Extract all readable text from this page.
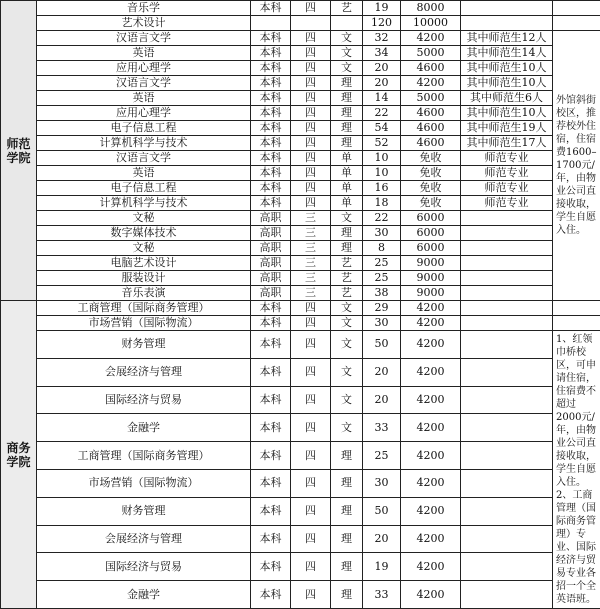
师范学院	音乐学	本科	四	艺	19	8000		
	艺术设计				120	10000		
	汉语言文学	本科	四	文	32	4200	其中师范生12人	外馆斜街校区，推荐校外住宿，住宿费1600–1700元/年，由物业公司直接收取，学生自愿入住。
	英语	本科	四	文	34	5000	其中师范生14人	
	应用心理学	本科	四	文	20	4600	其中师范生10人	
	汉语言文学	本科	四	理	20	4200	其中师范生10人	
	英语	本科	四	理	14	5000	其中师范生6人	
	应用心理学	本科	四	理	22	4600	其中师范生10人	
	电子信息工程	本科	四	理	54	4600	其中师范生19人	
	计算机科学与技术	本科	四	理	52	4600	其中师范生17人	
	汉语言文学	本科	四	单	10	免收	师范专业	
	英语	本科	四	单	10	免收	师范专业	
	电子信息工程	本科	四	单	16	免收	师范专业	
	计算机科学与技术	本科	四	单	18	免收	师范专业	
	文秘	高职	三	文	22	6000		
	数字媒体技术	高职	三	理	30	6000		
	文秘	高职	三	理	8	6000		
	电脑艺术设计	高职	三	艺	25	9000		
	服装设计	高职	三	艺	25	9000		
	音乐表演	高职	三	艺	38	9000		
商务学院	工商管理（国际商务管理）	本科	四	文	29	4200		
	市场营销（国际物流）	本科	四	文	30	4200		
	财务管理	本科	四	文	50	4200		1、红领巾桥校区，可申请住宿，住宿费不超过2000元/年，由物业公司直接收取，学生自愿入住。2、工商管理（国际商务管理）专业、国际经济与贸易专业各招一个全英语班。
	会展经济与管理	本科	四	文	20	4200		
	国际经济与贸易	本科	四	文	20	4200		
	金融学	本科	四	文	33	4200		
	工商管理（国际商务管理）	本科	四	理	25	4200		
	市场营销（国际物流）	本科	四	理	30	4200		
	财务管理	本科	四	理	50	4200		
	会展经济与管理	本科	四	理	20	4200		
	国际经济与贸易	本科	四	理	19	4200		
	金融学	本科	四	理	33	4200		
